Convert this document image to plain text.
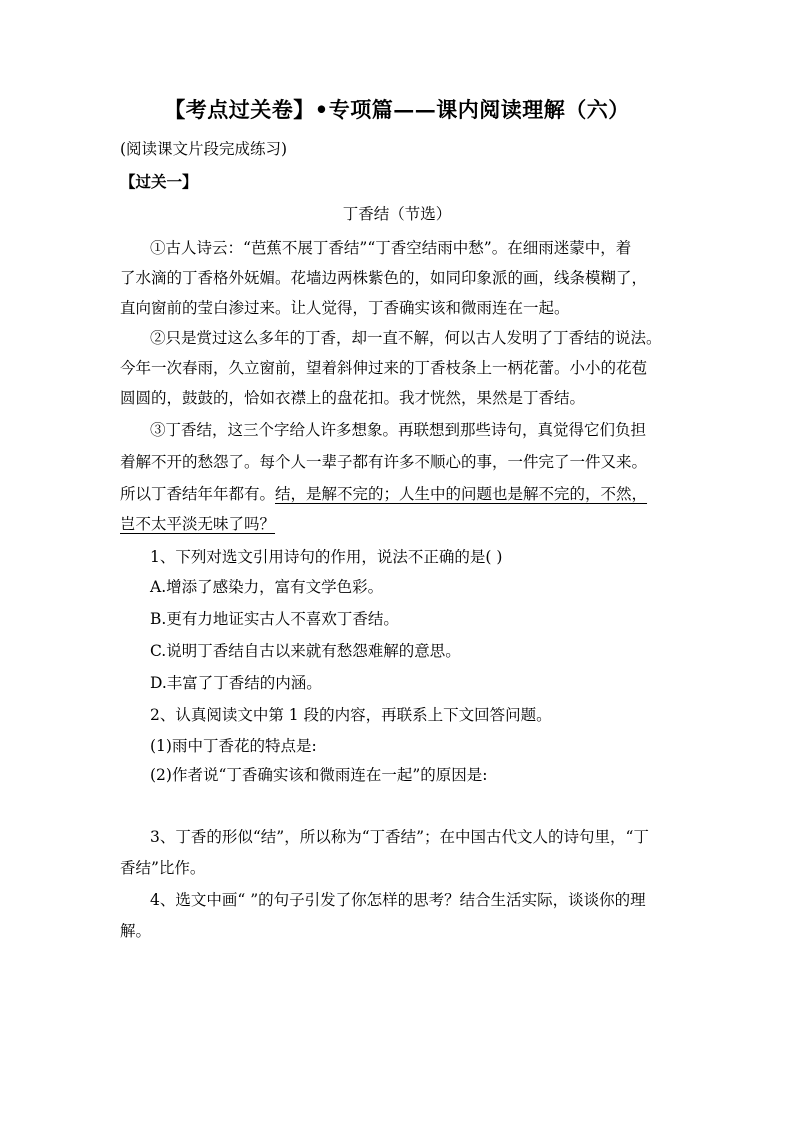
【考点过关卷】•专项篇——课内阅读理解（六）

(阅读课文片段完成练习)

【过关一】

丁香结（节选）

①古人诗云：“芭蕉不展丁香结”“丁香空结雨中愁”。在细雨迷蒙中，着

了水滴的丁香格外妩媚。花墙边两株紫色的，如同印象派的画，线条模糊了，

直向窗前的莹白渗过来。让人觉得，丁香确实该和微雨连在一起。

②只是赏过这么多年的丁香，却一直不解，何以古人发明了丁香结的说法。

今年一次春雨，久立窗前，望着斜伸过来的丁香枝条上一柄花蕾。小小的花苞

圆圆的，鼓鼓的，恰如衣襟上的盘花扣。我才恍然，果然是丁香结。

③丁香结，这三个字给人许多想象。再联想到那些诗句，真觉得它们负担

着解不开的愁怨了。每个人一辈子都有许多不顺心的事，一件完了一件又来。

所以丁香结年年都有。结，是解不完的；人生中的问题也是解不完的，不然，

岂不太平淡无味了吗？

1、下列对选文引用诗句的作用，说法不正确的是( )

A.增添了感染力，富有文学色彩。

B.更有力地证实古人不喜欢丁香结。

C.说明丁香结自古以来就有愁怨难解的意思。

D.丰富了丁香结的内涵。

2、认真阅读文中第 1 段的内容，再联系上下文回答问题。

(1)雨中丁香花的特点是:

(2)作者说“丁香确实该和微雨连在一起”的原因是:

3、丁香的形似“结”，所以称为“丁香结”；在中国古代文人的诗句里，“丁

香结”比作。

4、选文中画“ ”的句子引发了你怎样的思考？结合生活实际，谈谈你的理

解。
